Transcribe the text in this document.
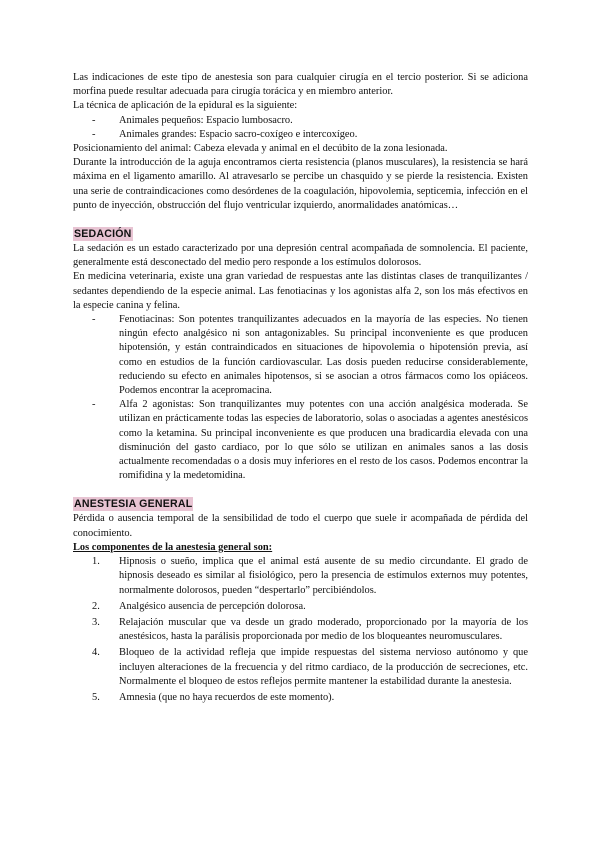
Las indicaciones de este tipo de anestesia son para cualquier cirugía en el tercio posterior. Si se adiciona morfina puede resultar adecuada para cirugía torácica y en miembro anterior.

La técnica de aplicación de la epidural es la siguiente:

- Animales pequeños: Espacio lumbosacro.
- Animales grandes: Espacio sacro-coxígeo e intercoxígeo.

Posicionamiento del animal: Cabeza elevada y animal en el decúbito de la zona lesionada.

Durante la introducción de la aguja encontramos cierta resistencia (planos musculares), la resistencia se hará máxima en el ligamento amarillo. Al atravesarlo se percibe un chasquido y se pierde la resistencia. Existen una serie de contraindicaciones como desórdenes de la coagulación, hipovolemia, septicemia, infección en el punto de inyección, obstrucción del flujo ventricular izquierdo, anormalidades anatómicas…

SEDACIÓN

La sedación es un estado caracterizado por una depresión central acompañada de somnolencia. El paciente, generalmente está desconectado del medio pero responde a los estímulos dolorosos.

En medicina veterinaria, existe una gran variedad de respuestas ante las distintas clases de tranquilizantes / sedantes dependiendo de la especie animal. Las fenotiacinas y los agonistas alfa 2, son los más efectivos en la especie canina y felina.

- Fenotiacinas: Son potentes tranquilizantes adecuados en la mayoría de las especies. No tienen ningún efecto analgésico ni son antagonizables. Su principal inconveniente es que producen hipotensión, y están contraindicados en situaciones de hipovolemia o hipotensión previa, así como en estudios de la función cardiovascular. Las dosis pueden reducirse considerablemente, reduciendo su efecto en animales hipotensos, si se asocian a otros fármacos como los opiáceos. Podemos encontrar la acepromacina.
- Alfa 2 agonistas: Son tranquilizantes muy potentes con una acción analgésica moderada. Se utilizan en prácticamente todas las especies de laboratorio, solas o asociadas a agentes anestésicos como la ketamina. Su principal inconveniente es que producen una bradicardia elevada con una disminución del gasto cardiaco, por lo que sólo se utilizan en animales sanos a las dosis actualmente recomendadas o a dosis muy inferiores en el resto de los casos. Podemos encontrar la romifidina y la medetomidina.
ANESTESIA GENERAL

Pérdida o ausencia temporal de la sensibilidad de todo el cuerpo que suele ir acompañada de pérdida del conocimiento.

Los componentes de la anestesia general son:
1. Hipnosis o sueño, implica que el animal está ausente de su medio circundante. El grado de hipnosis deseado es similar al fisiológico, pero la presencia de estímulos externos muy potentes, normalmente dolorosos, pueden “despertarlo” percibiéndolos.
2. Analgésico ausencia de percepción dolorosa.
3. Relajación muscular que va desde un grado moderado, proporcionado por la mayoría de los anestésicos, hasta la parálisis proporcionada por medio de los bloqueantes neuromusculares.
4. Bloqueo de la actividad refleja que impide respuestas del sistema nervioso autónomo y que incluyen alteraciones de la frecuencia y del ritmo cardiaco, de la producción de secreciones, etc. Normalmente el bloqueo de estos reflejos permite mantener la estabilidad durante la anestesia.
5. Amnesia (que no haya recuerdos de este momento).
